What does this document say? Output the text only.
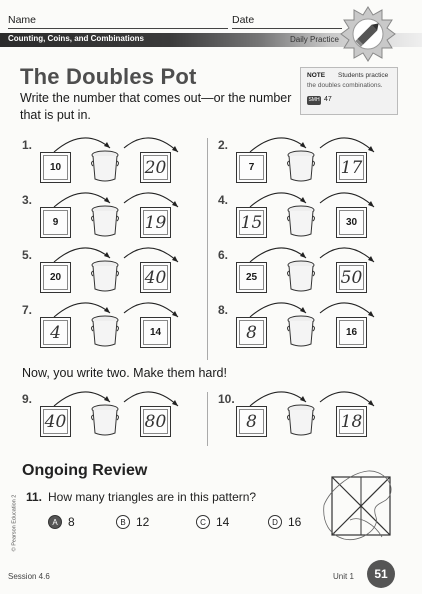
Name	Date
Counting, Coins, and Combinations	Daily Practice
The Doubles Pot
Write the number that comes out—or the number that is put in.
NOTE Students practice
the doubles combinations.
SMH 47
1.
10	20
2.
7	17
3.
9	19
4.
15	30
5.
20	40
6.
25	50
7.
4	14
8.
8	16
9.
40	80
10.
8	18
Now, you write two. Make them hard!
Ongoing Review
11. How many triangles are in this pattern?
A 8	B 12	C 14	D 16
© Pearson Education 2
Session 4.6	Unit 1	51
